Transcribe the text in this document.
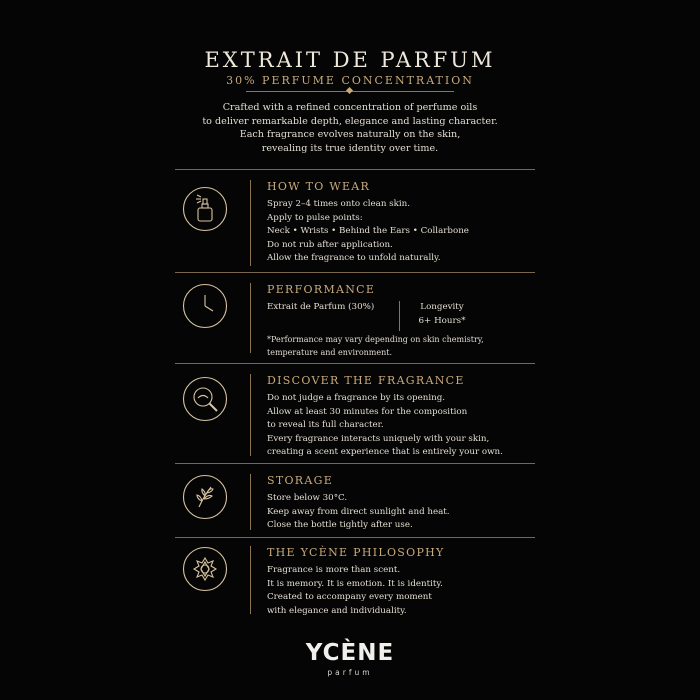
EXTRAIT DE PARFUM
30% PERFUME CONCENTRATION
Crafted with a refined concentration of perfume oils
to deliver remarkable depth, elegance and lasting character.
Each fragrance evolves naturally on the skin,
revealing its true identity over time.
HOW TO WEAR
Spray 2–4 times onto clean skin.
Apply to pulse points:
Neck • Wrists • Behind the Ears • Collarbone
Do not rub after application.
Allow the fragrance to unfold naturally.
PERFORMANCE
Extrait de Parfum (30%)	Longevity
6+ Hours*
*Performance may vary depending on skin chemistry,
temperature and environment.
DISCOVER THE FRAGRANCE
Do not judge a fragrance by its opening.
Allow at least 30 minutes for the composition
to reveal its full character.
Every fragrance interacts uniquely with your skin,
creating a scent experience that is entirely your own.
STORAGE
Store below 30°C.
Keep away from direct sunlight and heat.
Close the bottle tightly after use.
THE YCÈNE PHILOSOPHY
Fragrance is more than scent.
It is memory. It is emotion. It is identity.
Created to accompany every moment
with elegance and individuality.
YCÈNE
parfum
